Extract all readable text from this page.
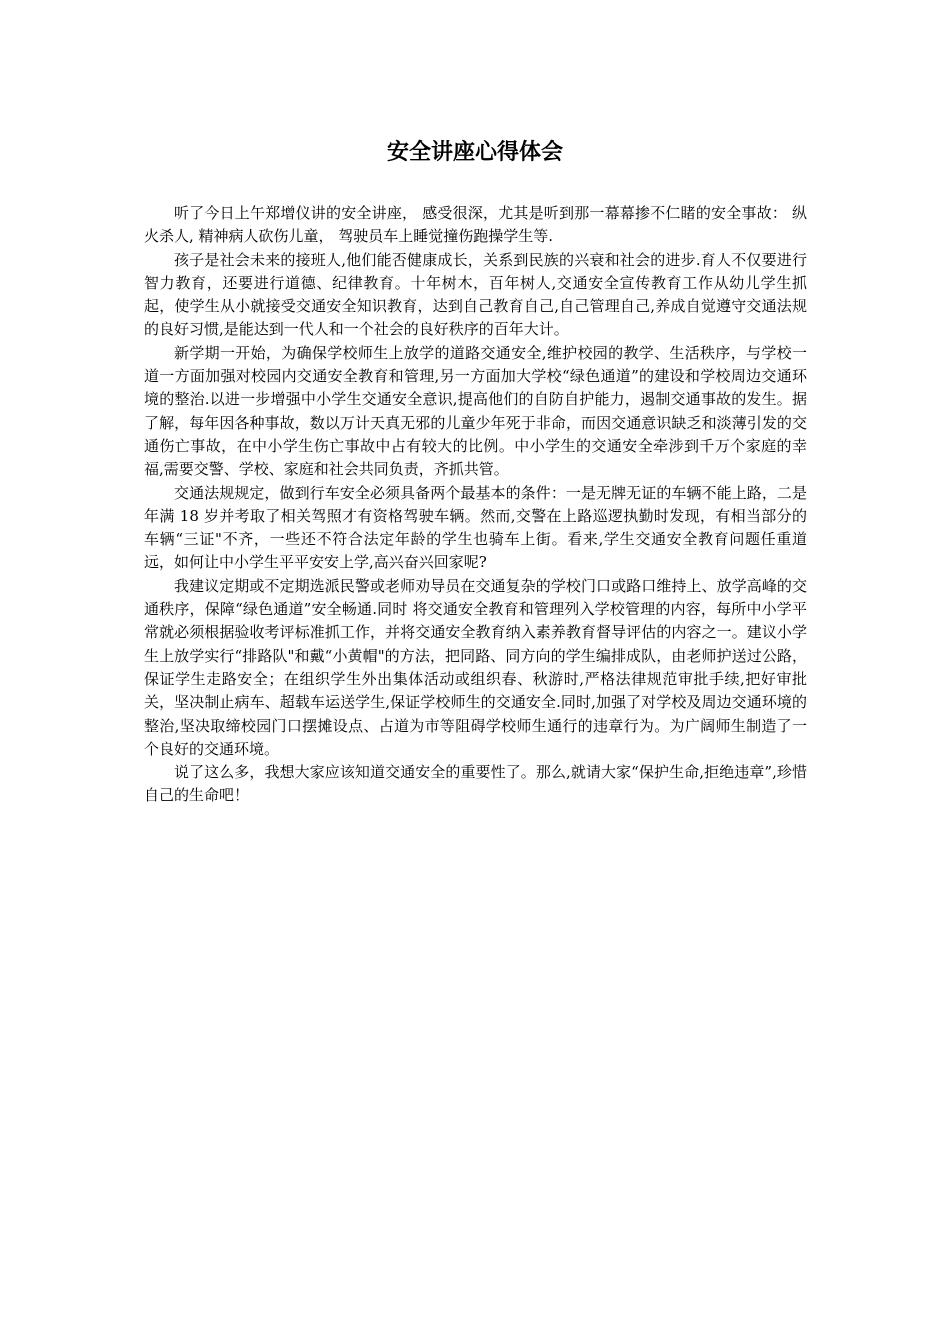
安全讲座心得体会

听了今日上午郑增仪讲的安全讲座， 感受很深，尤其是听到那一幕幕掺不仁睹的安全事故： 纵火杀人, 精神病人砍伤儿童， 驾驶员车上睡觉撞伤跑操学生等.

孩子是社会未来的接班人,他们能否健康成长，关系到民族的兴衰和社会的进步.育人不仅要进行智力教育，还要进行道德、纪律教育。十年树木，百年树人,交通安全宣传教育工作从幼儿学生抓起，使学生从小就接受交通安全知识教育，达到自己教育自己,自己管理自己,养成自觉遵守交通法规的良好习惯,是能达到一代人和一个社会的良好秩序的百年大计。

新学期一开始，为确保学校师生上放学的道路交通安全,维护校园的教学、生活秩序，与学校一道一方面加强对校园内交通安全教育和管理,另一方面加大学校“绿色通道”的建设和学校周边交通环境的整治.以进一步增强中小学生交通安全意识,提高他们的自防自护能力，遏制交通事故的发生。据了解，每年因各种事故，数以万计天真无邪的儿童少年死于非命，而因交通意识缺乏和淡薄引发的交通伤亡事故，在中小学生伤亡事故中占有较大的比例。中小学生的交通安全牵涉到千万个家庭的幸福,需要交警、学校、家庭和社会共同负责，齐抓共管。

交通法规规定，做到行车安全必须具备两个最基本的条件：一是无牌无证的车辆不能上路，二是年满 18 岁并考取了相关驾照才有资格驾驶车辆。然而,交警在上路巡逻执勤时发现，有相当部分的车辆“三证"不齐，一些还不符合法定年龄的学生也骑车上街。看来,学生交通安全教育问题任重道远，如何让中小学生平平安安上学,高兴奋兴回家呢?

我建议定期或不定期选派民警或老师劝导员在交通复杂的学校门口或路口维持上、放学高峰的交通秩序，保障“绿色通道”安全畅通.同时 将交通安全教育和管理列入学校管理的内容，每所中小学平常就必须根据验收考评标准抓工作，并将交通安全教育纳入素养教育督导评估的内容之一。建议小学生上放学实行“排路队"和戴“小黄帽"的方法，把同路、同方向的学生编排成队，由老师护送过公路，保证学生走路安全；在组织学生外出集体活动或组织春、秋游时,严格法律规范审批手续,把好审批关，坚决制止病车、超载车运送学生,保证学校师生的交通安全.同时,加强了对学校及周边交通环境的整治,坚决取缔校园门口摆摊设点、占道为市等阻碍学校师生通行的违章行为。为广阔师生制造了一个良好的交通环境。

说了这么多，我想大家应该知道交通安全的重要性了。那么,就请大家“保护生命,拒绝违章”,珍惜自己的生命吧！
